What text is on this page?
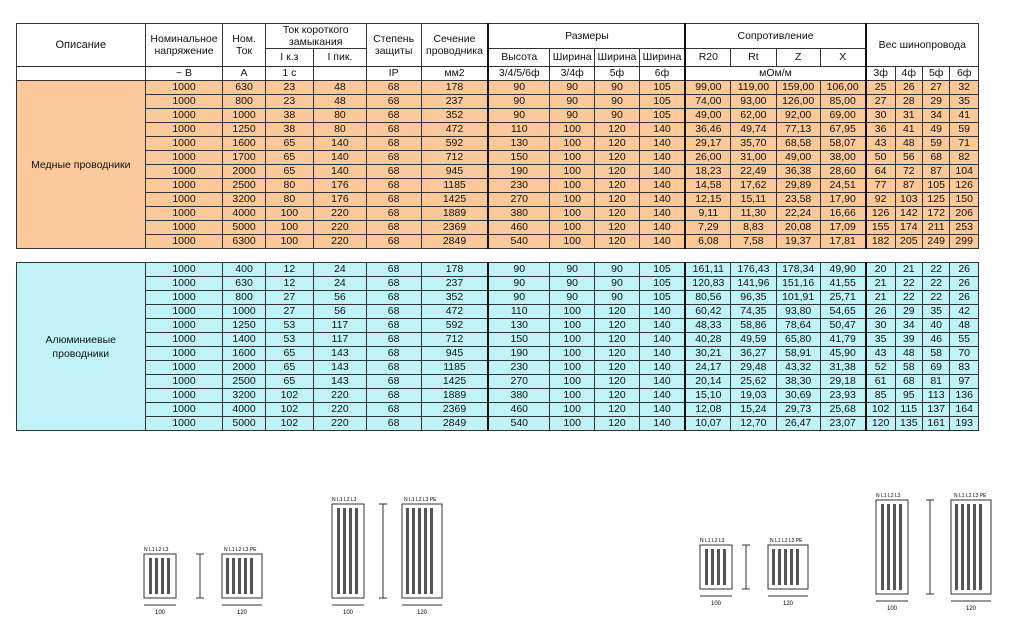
Описание	Номинальное напряжение	Ном. Ток	Ток короткого замыкания		Степень защиты	Сечение проводника	Размеры				Сопротивление				Вес шинопровода			
			I к.з	I пик.			Высота	Ширина	Ширина	Ширина	R20	Rt	Z	X				
	~ В	А	1 с		IP	мм2	3/4/5/6ф	3/4ф	5ф	6ф	мОм/м				3ф	4ф	5ф	6ф
Медные проводники	1000	630	23	48	68	178	90	90	90	105	99,00	119,00	159,00	106,00	25	26	27	32
	1000	800	23	48	68	237	90	90	90	105	74,00	93,00	126,00	85,00	27	28	29	35
	1000	1000	38	80	68	352	90	90	90	105	49,00	62,00	92,00	69,00	30	31	34	41
	1000	1250	38	80	68	472	110	100	120	140	36,46	49,74	77,13	67,95	36	41	49	59
	1000	1600	65	140	68	592	130	100	120	140	29,17	35,70	68,58	58,07	43	48	59	71
	1000	1700	65	140	68	712	150	100	120	140	26,00	31,00	49,00	38,00	50	56	68	82
	1000	2000	65	140	68	945	190	100	120	140	18,23	22,49	36,38	28,60	64	72	87	104
	1000	2500	80	176	68	1185	230	100	120	140	14,58	17,62	29,89	24,51	77	87	105	126
	1000	3200	80	176	68	1425	270	100	120	140	12,15	15,11	23,58	17,90	92	103	125	150
	1000	4000	100	220	68	1889	380	100	120	140	9,11	11,30	22,24	16,66	126	142	172	206
	1000	5000	100	220	68	2369	460	100	120	140	7,29	8,83	20,08	17,09	155	174	211	253
	1000	6300	100	220	68	2849	540	100	120	140	6,08	7,58	19,37	17,81	182	205	249	299

Алюминиевые проводники	1000	400	12	24	68	178	90	90	90	105	161,11	176,43	178,34	49,90	20	21	22	26
	1000	630	12	24	68	237	90	90	90	105	120,83	141,96	151,16	41,55	21	22	22	26
	1000	800	27	56	68	352	90	90	90	105	80,56	96,35	101,91	25,71	21	22	22	26
	1000	1000	27	56	68	472	110	100	120	140	60,42	74,35	93,80	54,65	26	29	35	42
	1000	1250	53	117	68	592	130	100	120	140	48,33	58,86	78,64	50,47	30	34	40	48
	1000	1400	53	117	68	712	150	100	120	140	40,28	49,59	65,80	41,79	35	39	46	55
	1000	1600	65	143	68	945	190	100	120	140	30,21	36,27	58,91	45,90	43	48	58	70
	1000	2000	65	143	68	1185	230	100	120	140	24,17	29,48	43,32	31,38	52	58	69	83
	1000	2500	65	143	68	1425	270	100	120	140	20,14	25,62	38,30	29,18	61	68	81	97
	1000	3200	102	220	68	1889	380	100	120	140	15,10	19,03	30,69	23,93	85	95	113	136
	1000	4000	102	220	68	2369	460	100	120	140	12,08	15,24	29,73	25,68	102	115	137	164
	1000	5000	102	220	68	2849	540	100	120	140	10,07	12,70	26,47	23,07	120	135	161	193
N L1 L2 L3
100
N L1 L2 L3 PE
120
N L1 L2 L3
100
N L1 L2 L3 PE
120
N L1 L2 L3
100
N L1 L2 L3 PE
120
N L1 L2 L3
100
N L1 L2 L3 PE
120
